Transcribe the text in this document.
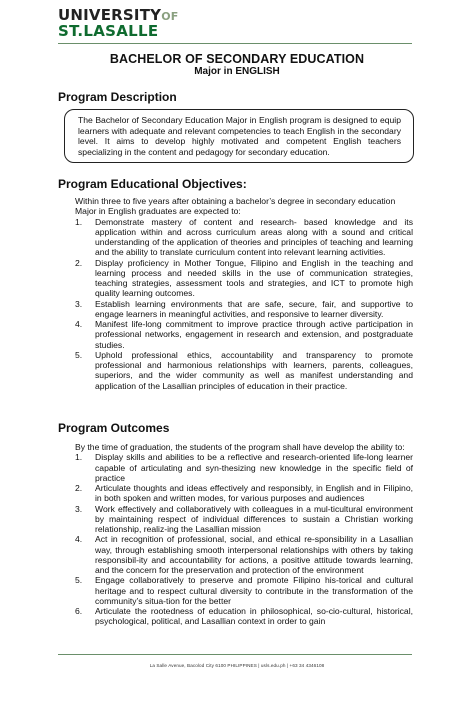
UNIVERSITYOF
ST.LASALLE
BACHELOR OF SECONDARY EDUCATION
Major in ENGLISH
Program Description
The Bachelor of Secondary Education Major in English program is designed to equip learners with adequate and relevant competencies to teach English in the secondary level. It aims to develop highly motivated and competent English teachers specializing in the content and pedagogy for secondary education.
Program Educational Objectives:
Within three to five years after obtaining a bachelor’s degree in secondary education Major in English graduates are expected to:
1. Demonstrate mastery of content and research- based knowledge and its application within and across curriculum areas along with a sound and critical understanding of the application of theories and principles of teaching and learning and the ability to translate curriculum content into relevant learning activities.
2. Display proficiency in Mother Tongue, Filipino and English in the teaching and learning process and needed skills in the use of communication strategies, teaching strategies, assessment tools and strategies, and ICT to promote high quality learning outcomes.
3. Establish learning environments that are safe, secure, fair, and supportive to engage learners in meaningful activities, and responsive to learner diversity.
4. Manifest life-long commitment to improve practice through active participation in professional networks, engagement in research and extension, and postgraduate studies.
5. Uphold professional ethics, accountability and transparency to promote professional and harmonious relationships with learners, parents, colleagues, superiors, and the wider community as well as manifest understanding and application of the Lasallian principles of education in their practice.
Program Outcomes
By the time of graduation, the students of the program shall have develop the ability to:
1. Display skills and abilities to be a reflective and research-oriented life-long learner capable of articulating and syn-thesizing new knowledge in the specific field of practice
2. Articulate thoughts and ideas effectively and responsibly, in English and in Filipino, in both spoken and written modes, for various purposes and audiences
3. Work effectively and collaboratively with colleagues in a mul-ticultural environment by maintaining respect of individual differences to sustain a Christian working relationship, realiz-ing the Lasallian mission
4. Act in recognition of professional, social, and ethical re-sponsibility in a Lasallian way, through establishing smooth interpersonal relationships with others by taking responsibil-ity and accountability for actions, a positive attitude towards learning, and the concern for the preservation and protection of the environment
5. Engage collaboratively to preserve and promote Filipino his-torical and cultural heritage and to respect cultural diversity to contribute in the transformation of the community’s situa-tion for the better
6. Articulate the rootedness of education in philosophical, so-cio-cultural, historical, psychological, political, and Lasallian context in order to gain
La Salle Avenue, Bacolod City 6100 PHILIPPINES | usls.edu.ph | +63 34 4346108
